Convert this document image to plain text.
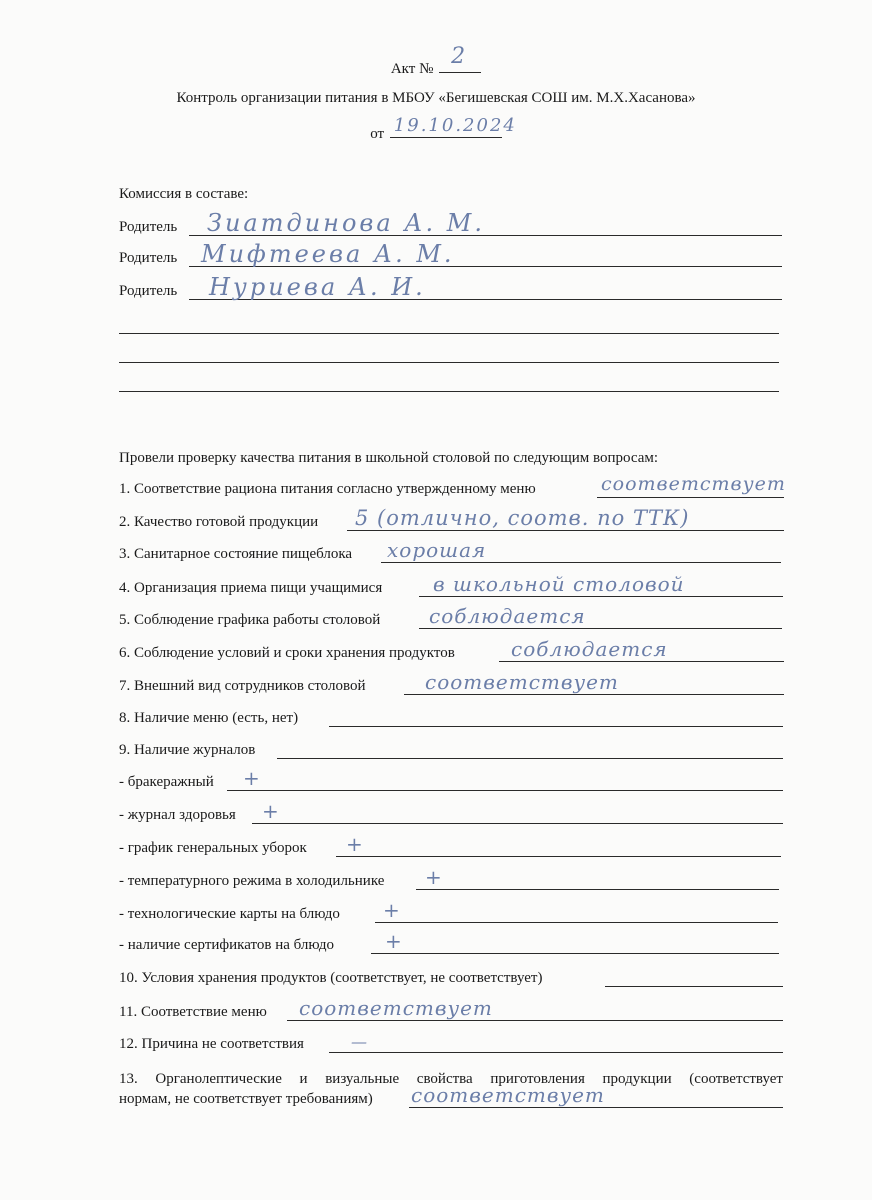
Акт № 2
Контроль организации питания в МБОУ «Бегишевская СОШ им. М.Х.Хасанова»
от 19.10.2024
Комиссия в составе:
Родитель Зиатдинова А. М.
Родитель Мифтеева А. М.
Родитель Нуриева А. И.
Провели проверку качества питания в школьной столовой по следующим вопросам:
1. Соответствие рациона питания согласно утвержденному меню	соответствует
2. Качество готовой продукции 5 (отлично, соотв. по ТТК)
3. Санитарное состояние пищеблока хорошая
4. Организация приема пищи учащимися	в школьной столовой
5. Соблюдение графика работы столовой соблюдается
6. Соблюдение условий и сроки хранения продуктов	соблюдается
7. Внешний вид сотрудников столовой	соответствует
8. Наличие меню (есть, нет)
9. Наличие журналов
- бракеражный +
- журнал здоровья +
- график генеральных уборок +
- температурного режима в холодильнике +
- технологические карты на блюдо +
- наличие сертификатов на блюдо	+
10. Условия хранения продуктов (соответствует, не соответствует)
11. Соответствие меню соответствует
12. Причина не соответствия	—
13. Органолептические и визуальные свойства приготовления продукции (соответствует
нормам, не соответствует требованиям) соответствует
